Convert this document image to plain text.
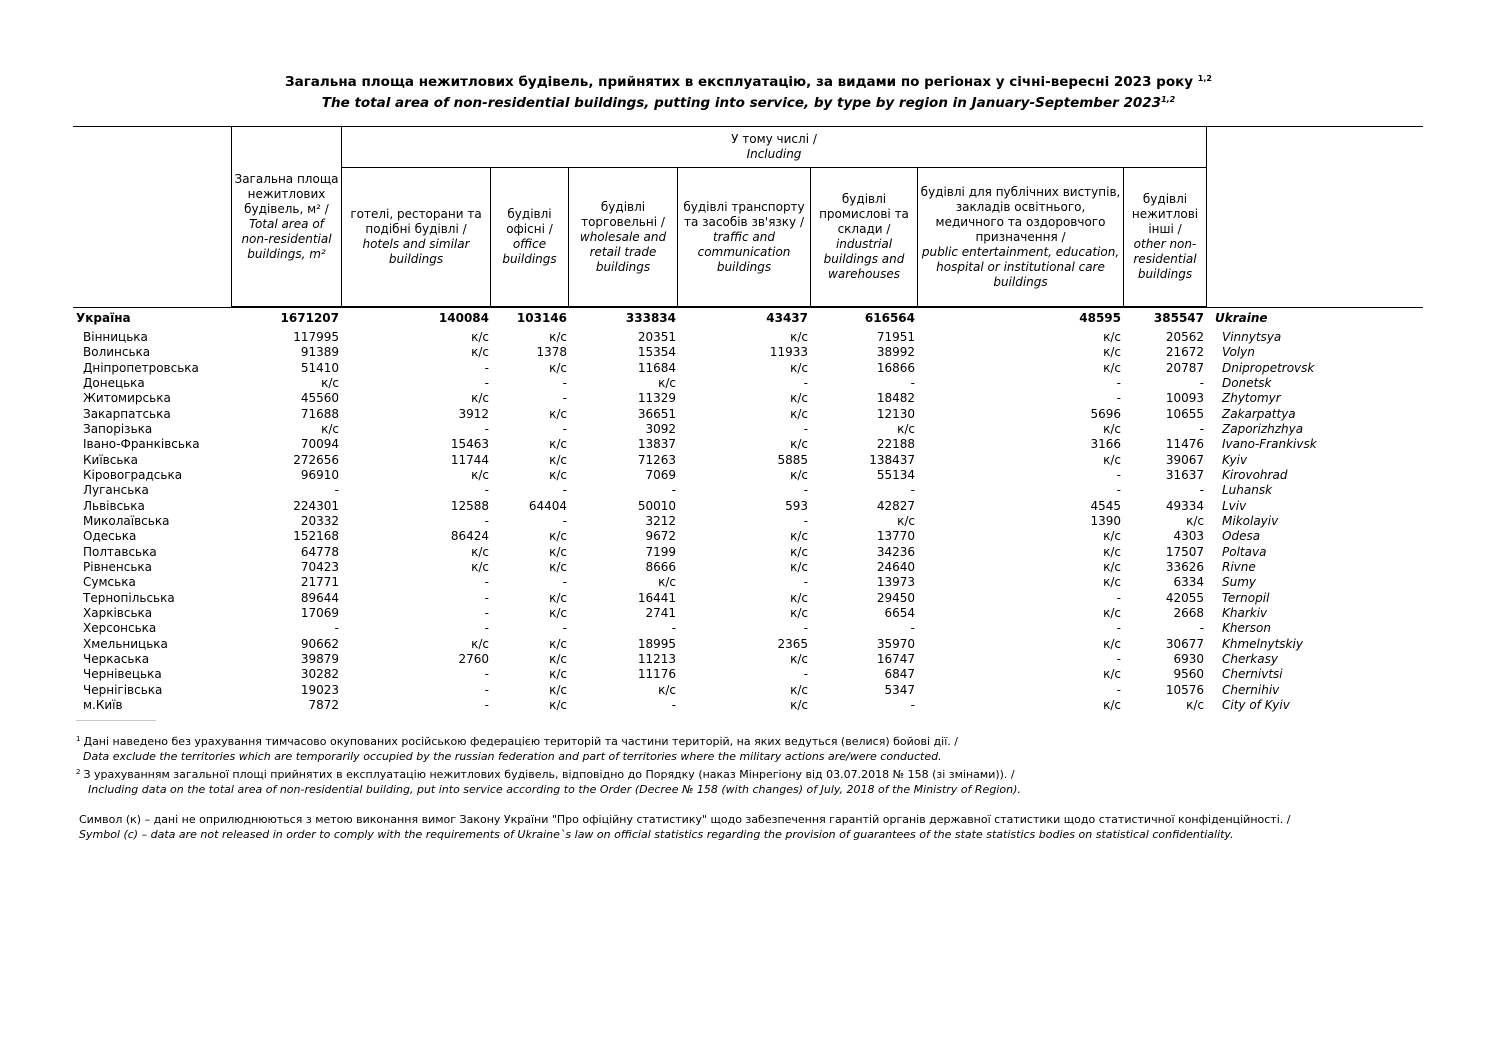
Загальна площа нежитлових будівель, прийнятих в експлуатацію, за видами по регіонах у січні-вересні 2023 року $^{1,2}$
The total area of non-residential buildings, putting into service, by type by region in January-September 2023$^{1,2}$
У тому числі /
Including
Загальна площа нежитлових будівель, м² /
Total area of non-residential buildings, m²
готелі, ресторани та подібні будівлі /
hotels and similar buildings
будівлі офісні /
office buildings
будівлі торговельні /
wholesale and retail trade buildings
будівлі транспорту та засобів зв'язку /
traffic and communication buildings
будівлі промислові та склади /
industrial buildings and warehouses
будівлі для публічних виступів, закладів освітнього, медичного та оздоровчого призначення /
public entertainment, education, hospital or institutional care buildings
будівлі нежитлові інші /
other non-residential buildings
Україна	1671207	140084	103146	333834	43437	616564	48595	385547 Ukraine
Вінницька	117995	к/с	к/с	20351	к/с	71951	к/с	20562 Vinnytsya
Волинська	91389	к/с	1378	15354	11933	38992	к/с	21672 Volyn
Дніпропетровська	51410	-	к/с	11684	к/с	16866	к/с	20787 Dnipropetrovsk
Донецька	к/с	-	-	к/с	-	-	-	- Donetsk
Житомирська	45560	к/с	-	11329	к/с	18482	-	10093 Zhytomyr
Закарпатська	71688	3912	к/с	36651	к/с	12130	5696	10655 Zakarpattya
Запорізька	к/с	-	-	3092	-	к/с	к/с	- Zaporizhzhya
Івано-Франківська	70094	15463	к/с	13837	к/с	22188	3166	11476 Ivano-Frankivsk
Київська	272656	11744	к/с	71263	5885	138437	к/с	39067 Kyiv
Кіровоградська	96910	к/с	к/с	7069	к/с	55134	-	31637 Kirovohrad
Луганська	-	-	-	-	-	-	-	- Luhansk
Львівська	224301	12588	64404	50010	593	42827	4545	49334 Lviv
Миколаївська	20332	-	-	3212	-	к/с	1390	к/с Mikolayiv
Одеська	152168	86424	к/с	9672	к/с	13770	к/с	4303 Odesa
Полтавська	64778	к/с	к/с	7199	к/с	34236	к/с	17507 Poltava
Рівненська	70423	к/с	к/с	8666	к/с	24640	к/с	33626 Rivne
Сумська	21771	-	-	к/с	-	13973	к/с	6334 Sumy
Тернопільська	89644	-	к/с	16441	к/с	29450	-	42055 Ternopil
Харківська	17069	-	к/с	2741	к/с	6654	к/с	2668 Kharkiv
Херсонська	-	-	-	-	-	-	-	- Kherson
Хмельницька	90662	к/с	к/с	18995	2365	35970	к/с	30677 Khmelnytskiy
Черкаська	39879	2760	к/с	11213	к/с	16747	-	6930 Cherkasy
Чернівецька	30282	-	к/с	11176	-	6847	к/с	9560 Chernivtsi
Чернігівська	19023	-	к/с	к/с	к/с	5347	-	10576 Chernihiv
м.Київ	7872	-	к/с	-	к/с	-	к/с	к/с City of Kyiv
$^1$ Дані наведено без урахування тимчасово окупованих російською федерацією територій та частини територій, на яких ведуться (велися) бойові дії. /
Data exclude the territories which are temporarily occupied by the russian federation and part of territories where the military actions are/were conducted.
$^2$ З урахуванням загальної площі прийнятих в експлуатацію нежитлових будівель, відповідно до Порядку (наказ Мінрегіону від 03.07.2018 № 158 (зі змінами)). /
Including data on the total area of non-residential building, put into service according to the Order (Decree № 158 (with changes) of July, 2018 of the Ministry of Region).
Символ (к) – дані не оприлюднюються з метою виконання вимог Закону України "Про офіційну статистику" щодо забезпечення гарантій органів державної статистики щодо статистичної конфіденційності. /
Symbol (c) – data are not released in order to comply with the requirements of Ukraine`s law on official statistics regarding the provision of guarantees of the state statistics bodies on statistical confidentiality.
